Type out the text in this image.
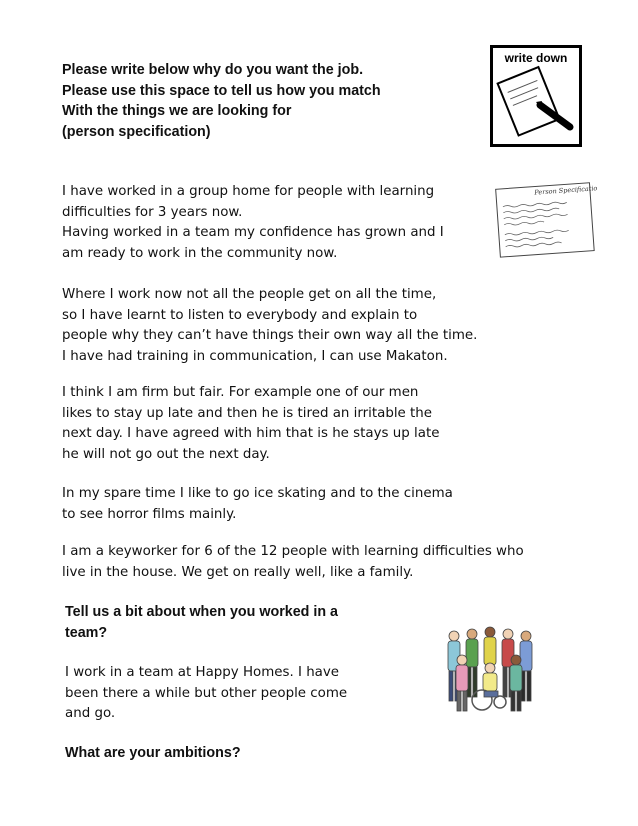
Please write below why do you want the job.
Please use this space to tell us how you match
With the things we are looking for
(person specification)
write down
Person Specification
I have worked in a group home for people with learning
difficulties for 3 years now.
Having worked in a team my confidence has grown and I
am ready to work in the community now.
Where I work now not all the people get on all the time,
so I have learnt to listen to everybody and explain to
people why they can’t have things their own way all the time.
I have had training in communication, I can use Makaton.
I think I am firm but fair. For example one of our men
likes to stay up late and then he is tired an irritable the
next day. I have agreed with him that is he stays up late
he will not go out the next day.
In my spare time I like to go ice skating and to the cinema
to see horror films mainly.
I am a keyworker for 6 of the 12 people with learning difficulties who
live in the house. We get on really well, like a family.
Tell us a bit about when you worked in a
team?
I work in a team at Happy Homes. I have
been there a while but other people come
and go.
What are your ambitions?
